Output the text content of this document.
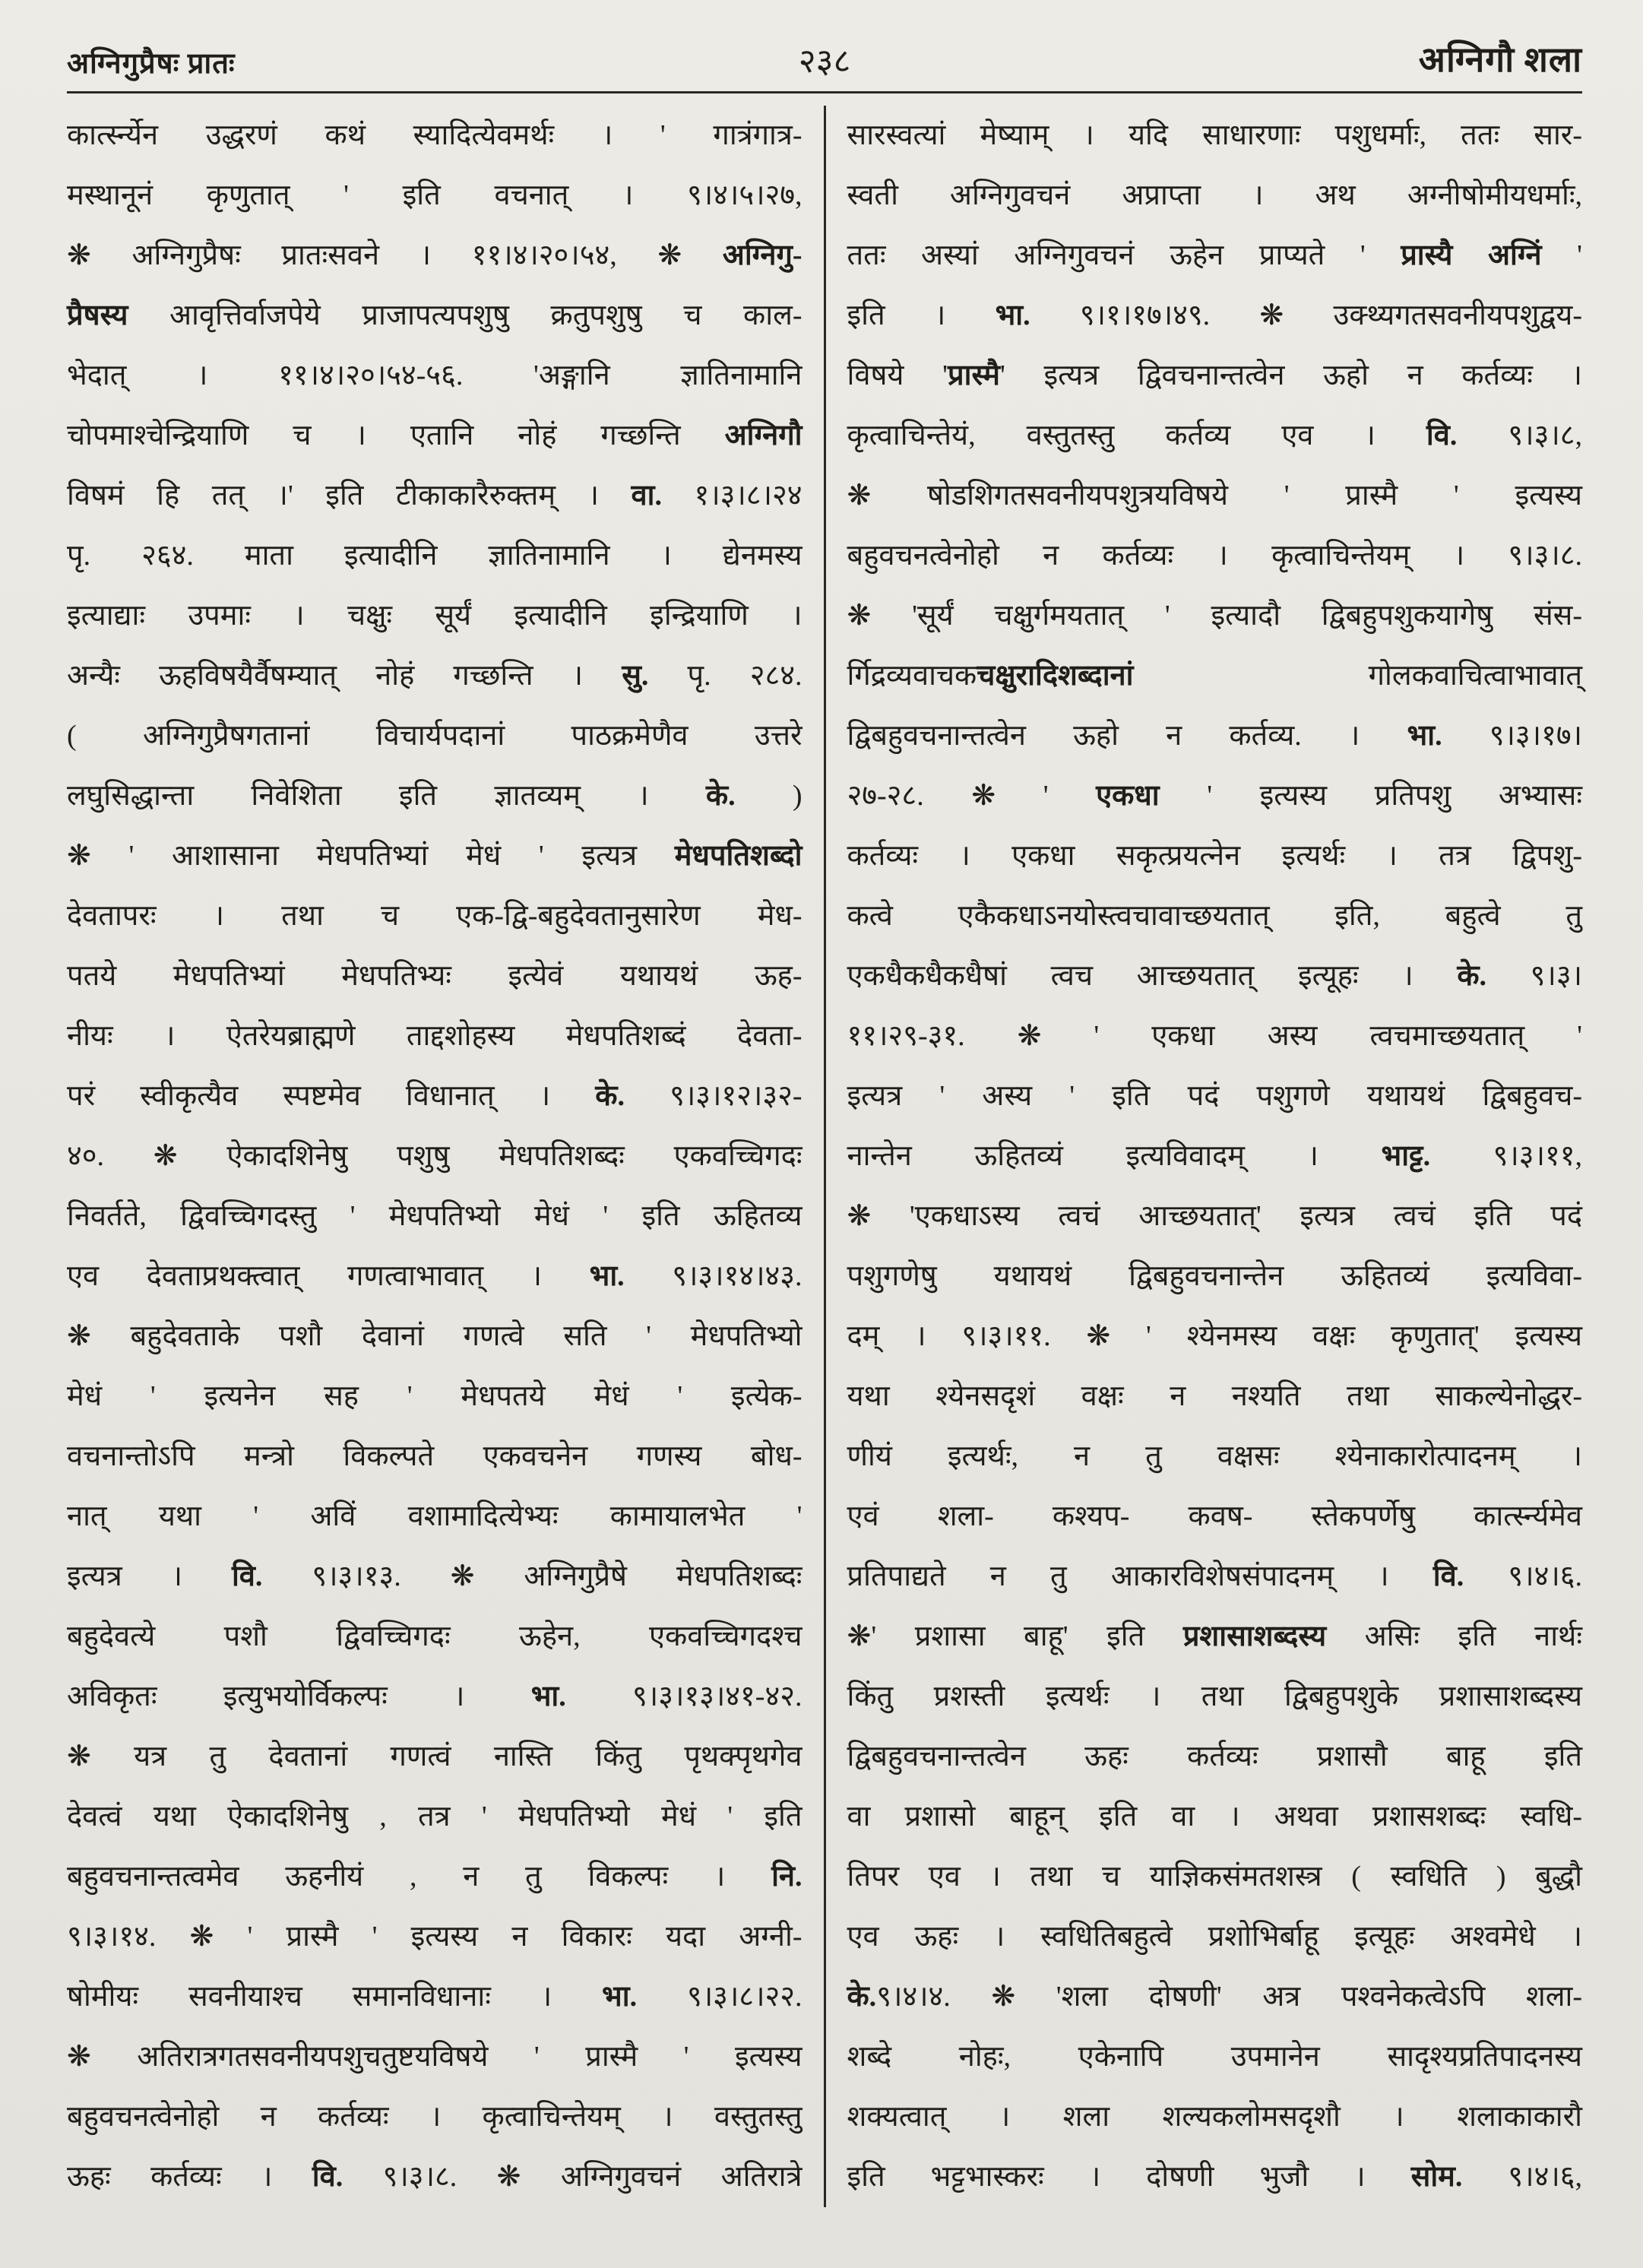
अग्निगुप्रैषः प्रातः	२३८	अग्निगौ शला
कार्त्स्न्येन उद्धरणं कथं स्यादित्येवमर्थः । ' गात्रंगात्र-
मस्थानूनं कृणुतात् ' इति वचनात् । ९।४।५।२७,
❋ अग्निगुप्रैषः प्रातःसवने । ११।४।२०।५४, ❋ अग्निगु-
प्रैषस्य आवृत्तिर्वाजपेये प्राजापत्यपशुषु क्रतुपशुषु च काल-
भेदात् । ११।४।२०।५४-५६. 'अङ्गानि ज्ञातिनामानि
चोपमाश्चेन्द्रियाणि च । एतानि नोहं गच्छन्ति अग्निगौ
विषमं हि तत् ।' इति टीकाकारैरुक्तम् । वा. १।३।८।२४
पृ. २६४. माता इत्यादीनि ज्ञातिनामानि । द्येनमस्य
इत्याद्याः उपमाः । चक्षुः सूर्यं इत्यादीनि इन्द्रियाणि ।
अन्यैः ऊहविषयैर्वैषम्यात् नोहं गच्छन्ति । सु. पृ. २८४.
( अग्निगुप्रैषगतानां विचार्यपदानां पाठक्रमेणैव उत्तरे
लघुसिद्धान्ता निवेशिता इति ज्ञातव्यम् । के. )
❋ ' आशासाना मेधपतिभ्यां मेधं ' इत्यत्र मेधपतिशब्दो
देवतापरः । तथा च एक-द्वि-बहुदेवतानुसारेण मेध-
पतये मेधपतिभ्यां मेधपतिभ्यः इत्येवं यथायथं ऊह-
नीयः । ऐतरेयब्राह्मणे ताद्दशोहस्य मेधपतिशब्दं देवता-
परं स्वीकृत्यैव स्पष्टमेव विधानात् । के. ९।३।१२।३२-
४०. ❋ ऐकादशिनेषु पशुषु मेधपतिशब्दः एकवच्चिगदः
निवर्तते, द्विवच्चिगदस्तु ' मेधपतिभ्यो मेधं ' इति ऊहितव्य
एव देवताप्रथक्त्वात् गणत्वाभावात् । भा. ९।३।१४।४३.
❋ बहुदेवताके पशौ देवानां गणत्वे सति ' मेधपतिभ्यो
मेधं ' इत्यनेन सह ' मेधपतये मेधं ' इत्येक-
वचनान्तोऽपि मन्त्रो विकल्पते एकवचनेन गणस्य बोध-
नात् यथा ' अविं वशामादित्येभ्यः कामायालभेत '
इत्यत्र । वि. ९।३।१३. ❋ अग्निगुप्रैषे मेधपतिशब्दः
बहुदेवत्ये पशौ द्विवच्चिगदः ऊहेन, एकवच्चिगदश्च
अविकृतः इत्युभयोर्विकल्पः । भा. ९।३।१३।४१-४२.
❋ यत्र तु देवतानां गणत्वं नास्ति किंतु पृथक्पृथगेव
देवत्वं यथा ऐकादशिनेषु , तत्र ' मेधपतिभ्यो मेधं ' इति
बहुवचनान्तत्वमेव ऊहनीयं , न तु विकल्पः । नि.
९।३।१४. ❋ ' प्रास्मै ' इत्यस्य न विकारः यदा अग्नी-
षोमीयः सवनीयाश्च समानविधानाः । भा. ९।३।८।२२.
❋ अतिरात्रगतसवनीयपशुचतुष्टयविषये ' प्रास्मै ' इत्यस्य
बहुवचनत्वेनोहो न कर्तव्यः । कृत्वाचिन्तेयम् । वस्तुतस्तु
ऊहः कर्तव्यः । वि. ९।३।८. ❋ अग्निगुवचनं अतिरात्रे
सारस्वत्यां मेष्याम् । यदि साधारणाः पशुधर्माः, ततः सार-
स्वती अग्निगुवचनं अप्राप्ता । अथ अग्नीषोमीयधर्माः,
ततः अस्यां अग्निगुवचनं ऊहेन प्राप्यते ' प्रास्यै अग्निं '
इति । भा. ९।१।१७।४९. ❋ उक्थ्यगतसवनीयपशुद्वय-
विषये 'प्रास्मै' इत्यत्र द्विवचनान्तत्वेन ऊहो न कर्तव्यः ।
कृत्वाचिन्तेयं, वस्तुतस्तु कर्तव्य एव । वि. ९।३।८,
❋ षोडशिगतसवनीयपशुत्रयविषये ' प्रास्मै ' इत्यस्य
बहुवचनत्वेनोहो न कर्तव्यः । कृत्वाचिन्तेयम् । ९।३।८.
❋ 'सूर्यं चक्षुर्गमयतात् ' इत्यादौ द्विबहुपशुकयागेषु संस-
र्गिद्रव्यवाचकचक्षुरादिशब्दानां गोलकवाचित्वाभावात्
द्विबहुवचनान्तत्वेन ऊहो न कर्तव्य. । भा. ९।३।१७।
२७-२८. ❋ ' एकधा ' इत्यस्य प्रतिपशु अभ्यासः
कर्तव्यः । एकधा सकृत्प्रयत्नेन इत्यर्थः । तत्र द्विपशु-
कत्वे एकैकधाऽनयोस्त्वचावाच्छयतात् इति, बहुत्वे तु
एकधैकधैकधैषां त्वच आच्छयतात् इत्यूहः । के. ९।३।
११।२९-३१. ❋ ' एकधा अस्य त्वचमाच्छयतात् '
इत्यत्र ' अस्य ' इति पदं पशुगणे यथायथं द्विबहुवच-
नान्तेन ऊहितव्यं इत्यविवादम् । भाट्ट. ९।३।११,
❋ 'एकधाऽस्य त्वचं आच्छयतात्' इत्यत्र त्वचं इति पदं
पशुगणेषु यथायथं द्विबहुवचनान्तेन ऊहितव्यं इत्यविवा-
दम् । ९।३।११. ❋ ' श्येनमस्य वक्षः कृणुतात्' इत्यस्य
यथा श्येनसदृशं वक्षः न नश्यति तथा साकल्येनोद्धर-
णीयं इत्यर्थः, न तु वक्षसः श्येनाकारोत्पादनम् ।
एवं शला- कश्यप- कवष- स्तेकपर्णेषु कार्त्स्न्यमेव
प्रतिपाद्यते न तु आकारविशेषसंपादनम् । वि. ९।४।६.
❋' प्रशासा बाहू' इति प्रशासाशब्दस्य असिः इति नार्थः
किंतु प्रशस्ती इत्यर्थः । तथा द्विबहुपशुके प्रशासाशब्दस्य
द्विबहुवचनान्तत्वेन ऊहः कर्तव्यः प्रशासौ बाहू इति
वा प्रशासो बाहून् इति वा । अथवा प्रशासशब्दः स्वधि-
तिपर एव । तथा च याज्ञिकसंमतशस्त्र ( स्वधिति ) बुद्धौ
एव ऊहः । स्वधितिबहुत्वे प्रशोभिर्बाहू इत्यूहः अश्वमेधे ।
के.९।४।४. ❋ 'शला दोषणी' अत्र पश्वनेकत्वेऽपि शला-
शब्दे नोहः, एकेनापि उपमानेन सादृश्यप्रतिपादनस्य
शक्यत्वात् । शला शल्यकलोमसदृशौ । शलाकाकारौ
इति भट्टभास्करः । दोषणी भुजौ । सोम. ९।४।६,
